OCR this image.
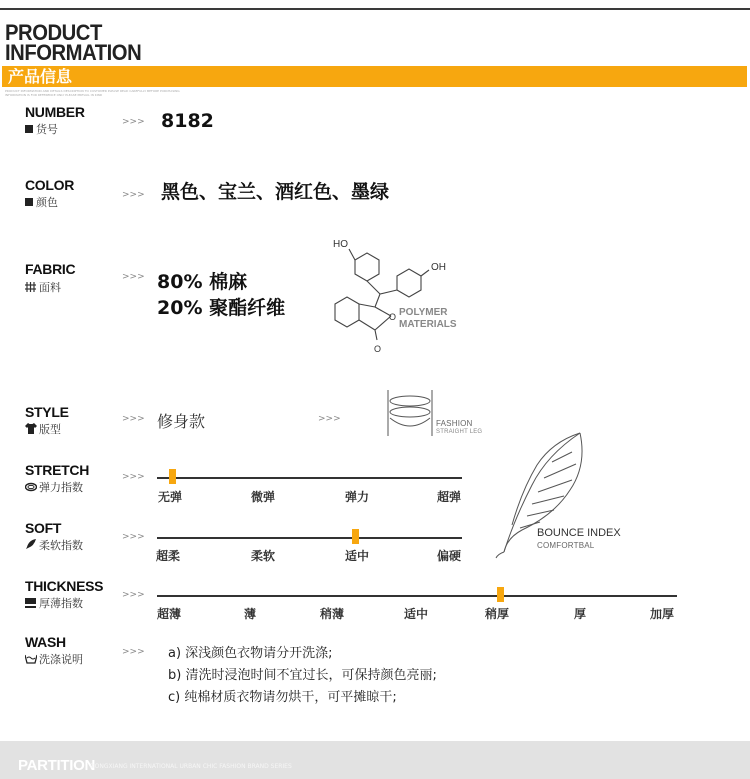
PRODUCT
INFORMATION
产品信息
PRODUCT INFORMATION AND DETAILS DESCRIPTION TO CUSTOMER PLEASE READ CAREFULLY BEFORE PURCHASING
INFORMATION IS FOR REFERENCE ONLY PLEASE PREVAIL IN KIND
NUMBER
货号
>>> 8182
COLOR
颜色
>>> 黑色、宝兰、酒红色、墨绿
FABRIC
面料
>>> 80% 棉麻
20% 聚酯纤维
HO
OH
O
O
POLYMER
MATERIALS
STYLE
版型
>>> 修身款	>>>	FASHION
STRAIGHT LEG
STRETCH
弹力指数
>>>
无弹	微弹	弹力	超弹
SOFT
柔软指数
>>>
超柔	柔软	适中	偏硬
BOUNCE INDEX
COMFORTBAL
THICKNESS
厚薄指数
>>>
超薄	薄	稍薄	适中	稍厚	厚	加厚
WASH
洗涤说明
>>> a) 深浅颜色衣物请分开洗涤;
b) 清洗时浸泡时间不宜过长，可保持颜色亮丽;
c) 纯棉材质衣物请勿烘干，可平摊晾干;
PARTITION
DONGXIANG INTERNATIONAL URBAN CHIC FASHION BRAND SERIES
